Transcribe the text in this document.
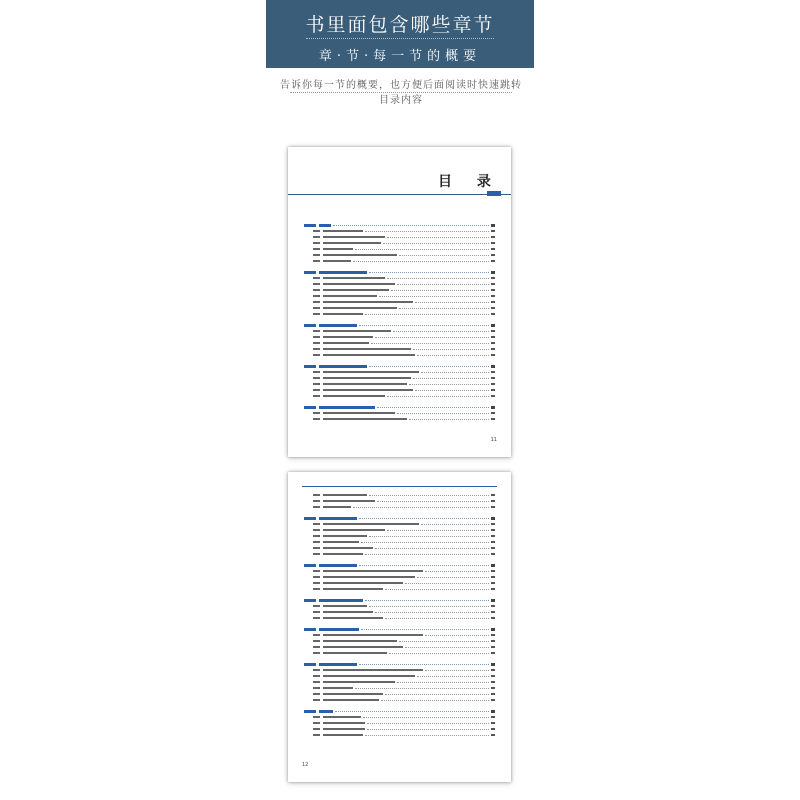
书里面包含哪些章节
章·节·每一节的概要
告诉你每一节的概要，也方便后面阅读时快速跳转目录内容
目 录
11
12
